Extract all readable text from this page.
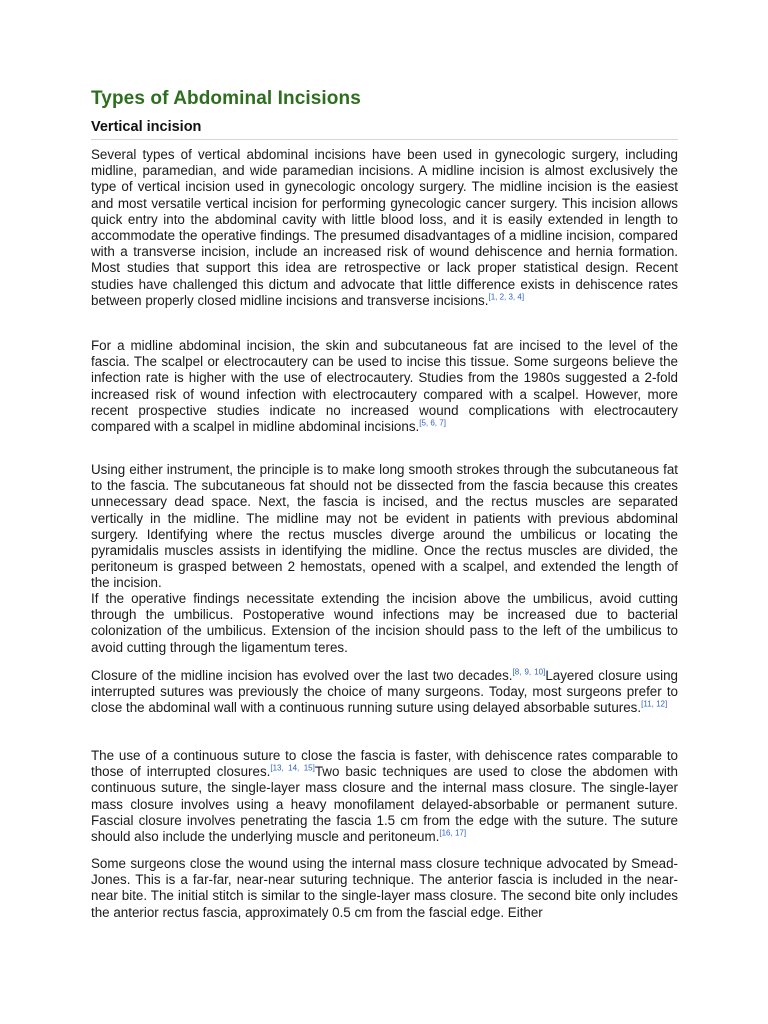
Types of Abdominal Incisions
Vertical incision

Several types of vertical abdominal incisions have been used in gynecologic surgery, including midline, paramedian, and wide paramedian incisions. A midline incision is almost exclusively the type of vertical incision used in gynecologic oncology surgery. The midline incision is the easiest and most versatile vertical incision for performing gynecologic cancer surgery. This incision allows quick entry into the abdominal cavity with little blood loss, and it is easily extended in length to accommodate the operative findings. The presumed disadvantages of a midline incision, compared with a transverse incision, include an increased risk of wound dehiscence and hernia formation. Most studies that support this idea are retrospective or lack proper statistical design. Recent studies have challenged this dictum and advocate that little difference exists in dehiscence rates between properly closed midline incisions and transverse incisions.[1, 2, 3, 4]

For a midline abdominal incision, the skin and subcutaneous fat are incised to the level of the fascia. The scalpel or electrocautery can be used to incise this tissue. Some surgeons believe the infection rate is higher with the use of electrocautery. Studies from the 1980s suggested a 2-fold increased risk of wound infection with electrocautery compared with a scalpel. However, more recent prospective studies indicate no increased wound complications with electrocautery compared with a scalpel in midline abdominal incisions.[5, 6, 7]

Using either instrument, the principle is to make long smooth strokes through the subcutaneous fat to the fascia. The subcutaneous fat should not be dissected from the fascia because this creates unnecessary dead space. Next, the fascia is incised, and the rectus muscles are separated vertically in the midline. The midline may not be evident in patients with previous abdominal surgery. Identifying where the rectus muscles diverge around the umbilicus or locating the pyramidalis muscles assists in identifying the midline. Once the rectus muscles are divided, the peritoneum is grasped between 2 hemostats, opened with a scalpel, and extended the length of the incision.

If the operative findings necessitate extending the incision above the umbilicus, avoid cutting through the umbilicus. Postoperative wound infections may be increased due to bacterial colonization of the umbilicus. Extension of the incision should pass to the left of the umbilicus to avoid cutting through the ligamentum teres.

Closure of the midline incision has evolved over the last two decades.[8, 9, 10]Layered closure using interrupted sutures was previously the choice of many surgeons. Today, most surgeons prefer to close the abdominal wall with a continuous running suture using delayed absorbable sutures.[11, 12]

The use of a continuous suture to close the fascia is faster, with dehiscence rates comparable to those of interrupted closures.[13, 14, 15]Two basic techniques are used to close the abdomen with continuous suture, the single-layer mass closure and the internal mass closure. The single-layer mass closure involves using a heavy monofilament delayed-absorbable or permanent suture. Fascial closure involves penetrating the fascia 1.5 cm from the edge with the suture. The suture should also include the underlying muscle and peritoneum.[16, 17]

Some surgeons close the wound using the internal mass closure technique advocated by Smead-Jones. This is a far-far, near-near suturing technique. The anterior fascia is included in the near-near bite. The initial stitch is similar to the single-layer mass closure. The second bite only includes the anterior rectus fascia, approximately 0.5 cm from the fascial edge. Either
